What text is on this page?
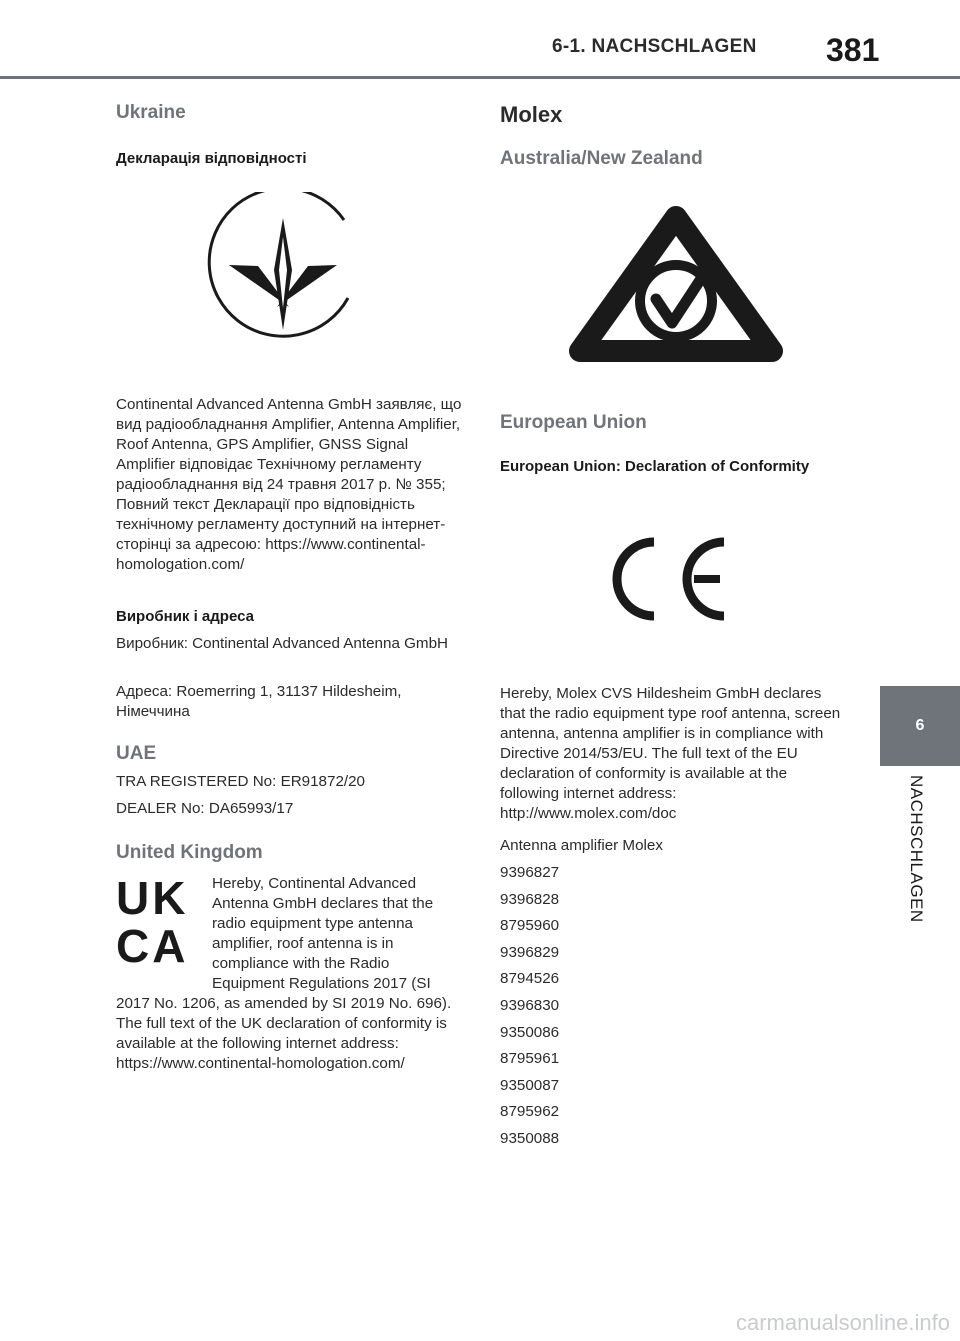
6-1. NACHSCHLAGEN	381
6
NACHSCHLAGEN
Ukraine
Декларація відповідності
Continental Advanced Antenna GmbH заявляє, що вид радіообладнання Amplifier, Antenna Amplifier, Roof Antenna, GPS Amplifier, GNSS Signal Amplifier відповідає Технічному регламенту радіообладнання від 24 травня 2017 р. № 355; Повний текст Декларації про відповідність технічному регламенту доступний на інтернет-сторінці за адресою: https://www.continental-homologation.com/
Виробник і адреса
Виробник: Continental Advanced Antenna GmbH
Адреса: Roemerring 1, 31137 Hildesheim, Німеччина
UAE
TRA REGISTERED No: ER91872/20
DEALER No: DA65993/17
United Kingdom
UK
CA
Hereby, Continental Advanced Antenna GmbH declares that the radio equipment type antenna amplifier, roof antenna is in compliance with the Radio Equipment Regulations 2017 (SI 2017 No. 1206, as amended by SI 2019 No. 696). The full text of the UK declaration of conformity is available at the following internet address: https://www.continental-homologation.com/
Molex
Australia/New Zealand
European Union
European Union: Declaration of Conformity
Hereby, Molex CVS Hildesheim GmbH declares that the radio equipment type roof antenna, screen antenna, antenna amplifier is in compliance with Directive 2014/53/EU. The full text of the EU declaration of conformity is available at the following internet address: http://www.molex.com/doc
Antenna amplifier Molex
9396827
9396828
8795960
9396829
8794526
9396830
9350086
8795961
9350087
8795962
9350088
carmanualsonline.info
